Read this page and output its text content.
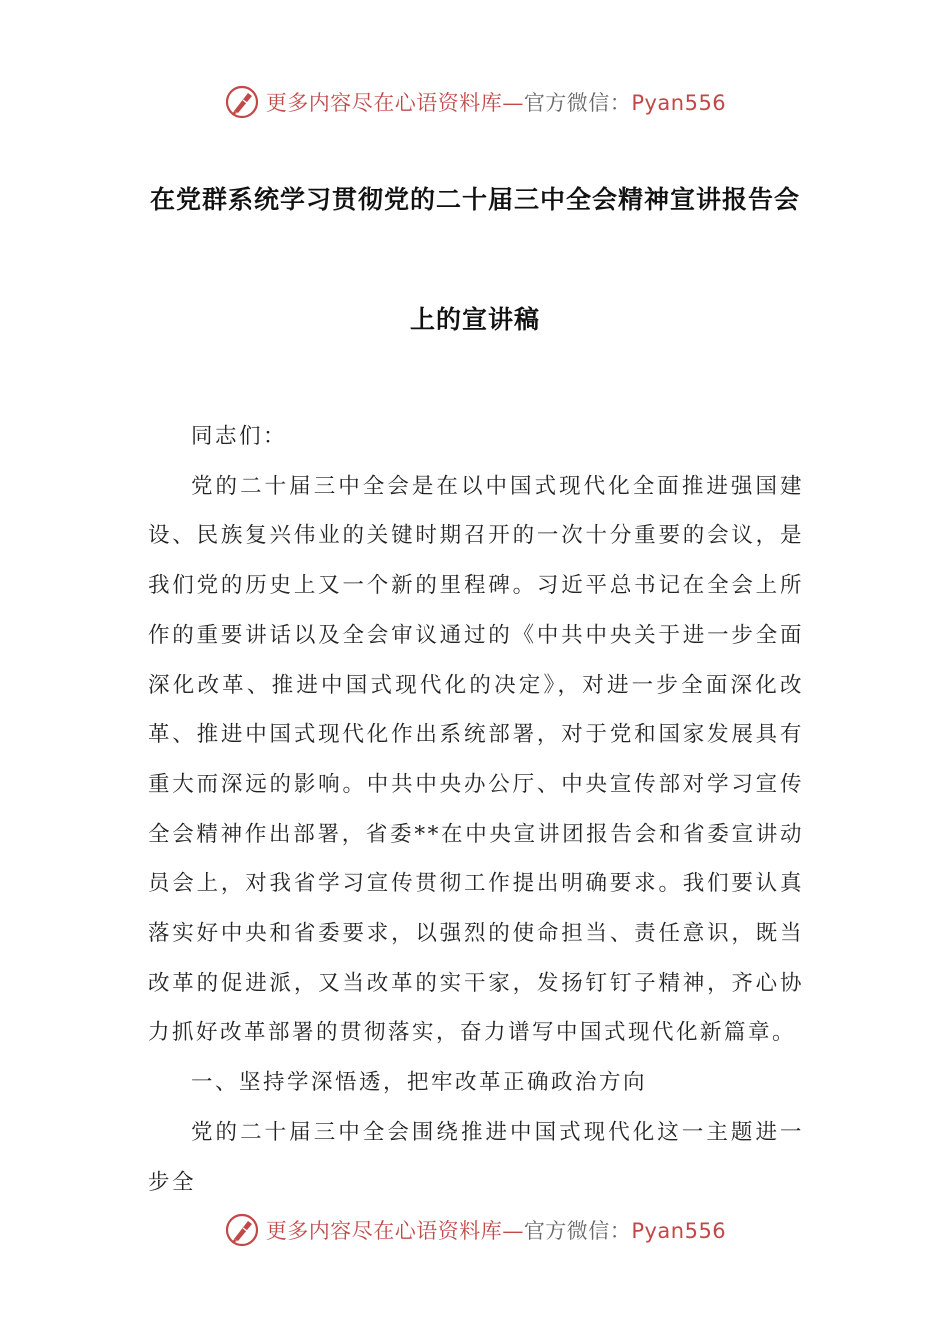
更多内容尽在心语资料库—官方微信：Pyan556
在党群系统学习贯彻党的二十届三中全会精神宣讲报告会
上的宣讲稿

同志们：

党的二十届三中全会是在以中国式现代化全面推进强国建设、民族复兴伟业的关键时期召开的一次十分重要的会议，是我们党的历史上又一个新的里程碑。习近平总书记在全会上所作的重要讲话以及全会审议通过的《中共中央关于进一步全面深化改革、推进中国式现代化的决定》，对进一步全面深化改革、推进中国式现代化作出系统部署，对于党和国家发展具有重大而深远的影响。中共中央办公厅、中央宣传部对学习宣传全会精神作出部署，省委**在中央宣讲团报告会和省委宣讲动员会上，对我省学习宣传贯彻工作提出明确要求。我们要认真落实好中央和省委要求，以强烈的使命担当、责任意识，既当改革的促进派，又当改革的实干家，发扬钉钉子精神，齐心协力抓好改革部署的贯彻落实，奋力谱写中国式现代化新篇章。

一、坚持学深悟透，把牢改革正确政治方向

党的二十届三中全会围绕推进中国式现代化这一主题进一步全

更多内容尽在心语资料库—官方微信：Pyan556
